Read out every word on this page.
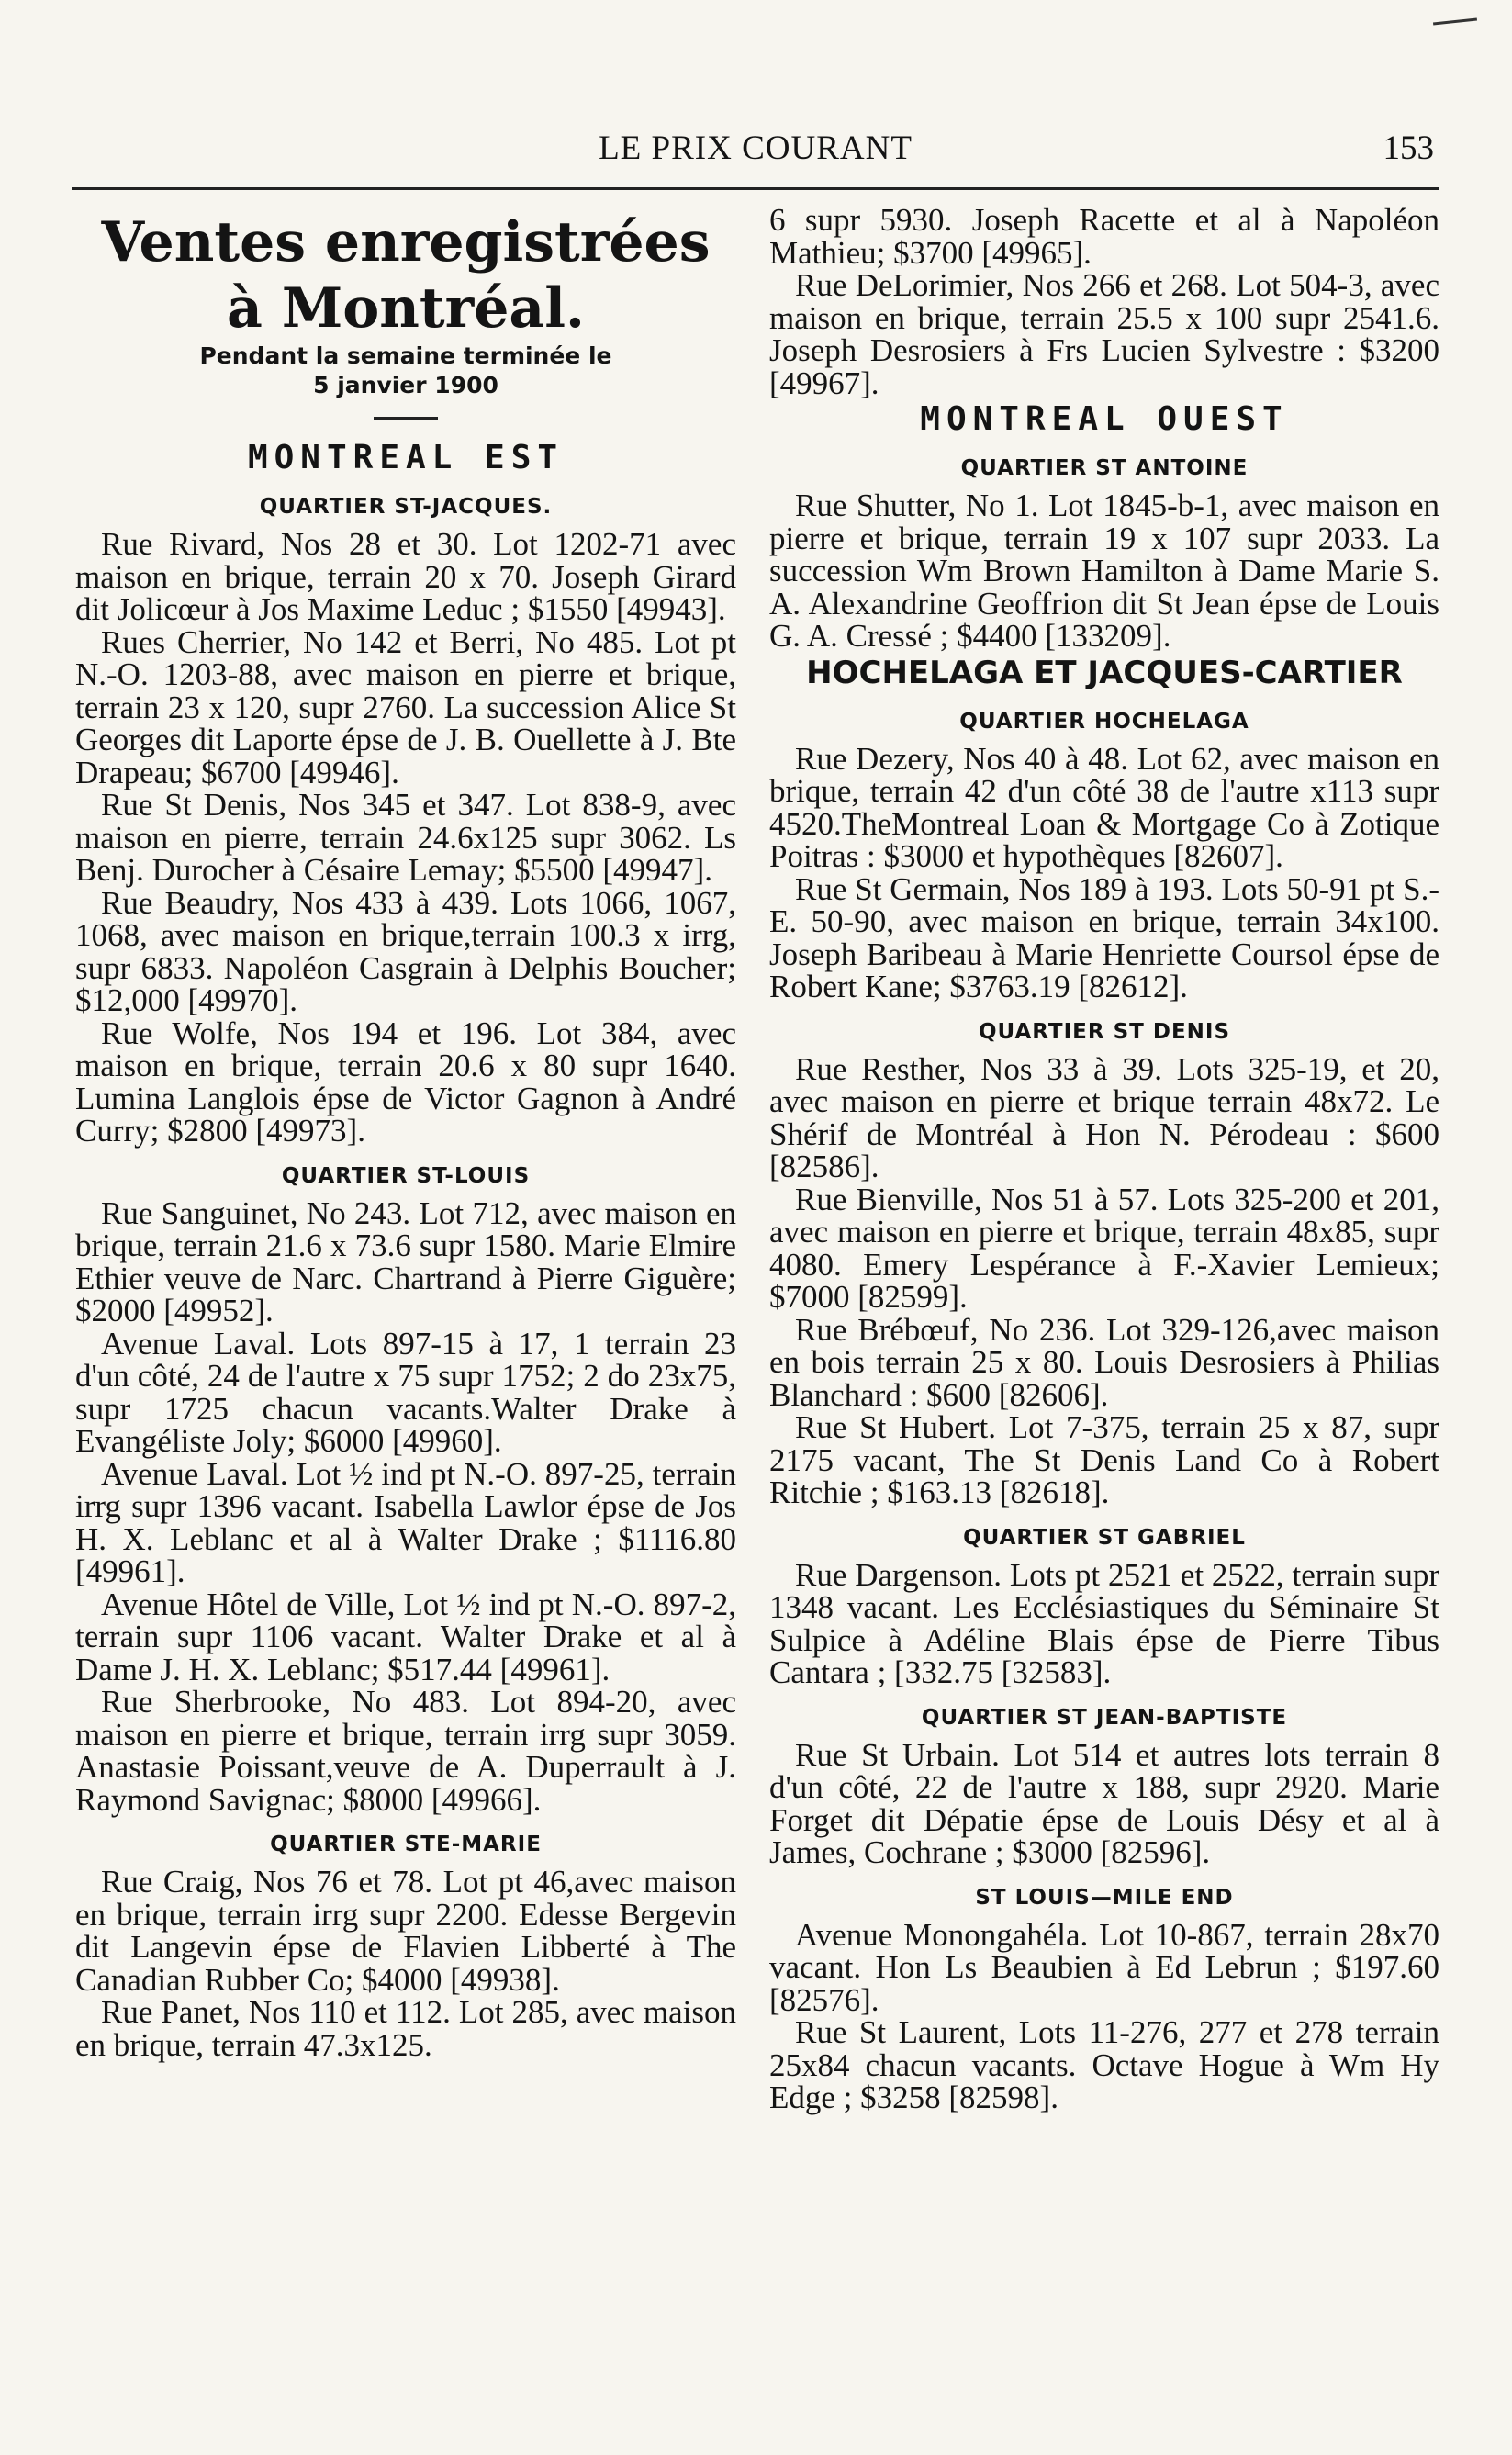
LE PRIX COURANT	153
Ventes enregistrées
à Montréal.
Pendant la semaine terminée le
5 janvier 1900
MONTREAL EST
QUARTIER ST-JACQUES.

Rue Rivard, Nos 28 et 30. Lot 1202-71 avec maison en brique, terrain 20 x 70. Joseph Girard dit Jolicœur à Jos Maxime Leduc ; $1550 [49943].

Rues Cherrier, No 142 et Berri, No 485. Lot pt N.-O. 1203-88, avec maison en pierre et brique, terrain 23 x 120, supr 2760. La succession Alice St Georges dit Laporte épse de J. B. Ouellette à J. Bte Drapeau; $6700 [49946].

Rue St Denis, Nos 345 et 347. Lot 838-9, avec maison en pierre, terrain 24.6x125 supr 3062. Ls Benj. Durocher à Césaire Lemay; $5500 [49947].

Rue Beaudry, Nos 433 à 439. Lots 1066, 1067, 1068, avec maison en brique,terrain 100.3 x irrg, supr 6833. Napoléon Casgrain à Delphis Boucher; $12,000 [49970].

Rue Wolfe, Nos 194 et 196. Lot 384, avec maison en brique, terrain 20.6 x 80 supr 1640. Lumina Langlois épse de Victor Gagnon à André Curry; $2800 [49973].

QUARTIER ST-LOUIS

Rue Sanguinet, No 243. Lot 712, avec maison en brique, terrain 21.6 x 73.6 supr 1580. Marie Elmire Ethier veuve de Narc. Chartrand à Pierre Giguère; $2000 [49952].

Avenue Laval. Lots 897-15 à 17, 1 terrain 23 d'un côté, 24 de l'autre x 75 supr 1752; 2 do 23x75, supr 1725 chacun vacants.Walter Drake à Evangéliste Joly; $6000 [49960].

Avenue Laval. Lot ½ ind pt N.-O. 897-25, terrain irrg supr 1396 vacant. Isabella Lawlor épse de Jos H. X. Leblanc et al à Walter Drake ; $1116.80 [49961].

Avenue Hôtel de Ville, Lot ½ ind pt N.-O. 897-2, terrain supr 1106 vacant. Walter Drake et al à Dame J. H. X. Leblanc; $517.44 [49961].

Rue Sherbrooke, No 483. Lot 894-20, avec maison en pierre et brique, terrain irrg supr 3059. Anastasie Poissant,veuve de A. Duperrault à J. Raymond Savignac; $8000 [49966].

QUARTIER STE-MARIE

Rue Craig, Nos 76 et 78. Lot pt 46,avec maison en brique, terrain irrg supr 2200. Edesse Bergevin dit Langevin épse de Flavien Libberté à The Canadian Rubber Co; $4000 [49938].

Rue Panet, Nos 110 et 112. Lot 285, avec maison en brique, terrain 47.3x125.

6 supr 5930. Joseph Racette et al à Napoléon Mathieu; $3700 [49965].

Rue DeLorimier, Nos 266 et 268. Lot 504-3, avec maison en brique, terrain 25.5 x 100 supr 2541.6. Joseph Desrosiers à Frs Lucien Sylvestre : $3200 [49967].

MONTREAL OUEST
QUARTIER ST ANTOINE

Rue Shutter, No 1. Lot 1845-b-1, avec maison en pierre et brique, terrain 19 x 107 supr 2033. La succession Wm Brown Hamilton à Dame Marie S. A. Alexandrine Geoffrion dit St Jean épse de Louis G. A. Cressé ; $4400 [133209].

HOCHELAGA ET JACQUES-CARTIER
QUARTIER HOCHELAGA

Rue Dezery, Nos 40 à 48. Lot 62, avec maison en brique, terrain 42 d'un côté 38 de l'autre x113 supr 4520.TheMontreal Loan & Mortgage Co à Zotique Poitras : $3000 et hypothèques [82607].

Rue St Germain, Nos 189 à 193. Lots 50-91 pt S.-E. 50-90, avec maison en brique, terrain 34x100. Joseph Baribeau à Marie Henriette Coursol épse de Robert Kane; $3763.19 [82612].

QUARTIER ST DENIS

Rue Resther, Nos 33 à 39. Lots 325-19, et 20, avec maison en pierre et brique terrain 48x72. Le Shérif de Montréal à Hon N. Pérodeau : $600 [82586].

Rue Bienville, Nos 51 à 57. Lots 325-200 et 201, avec maison en pierre et brique, terrain 48x85, supr 4080. Emery Lespérance à F.-Xavier Lemieux; $7000 [82599].

Rue Brébœuf, No 236. Lot 329-126,avec maison en bois terrain 25 x 80. Louis Desrosiers à Philias Blanchard : $600 [82606].

Rue St Hubert. Lot 7-375, terrain 25 x 87, supr 2175 vacant, The St Denis Land Co à Robert Ritchie ; $163.13 [82618].

QUARTIER ST GABRIEL

Rue Dargenson. Lots pt 2521 et 2522, terrain supr 1348 vacant. Les Ecclésiastiques du Séminaire St Sulpice à Adéline Blais épse de Pierre Tibus Cantara ; [332.75 [32583].

QUARTIER ST JEAN-BAPTISTE

Rue St Urbain. Lot 514 et autres lots terrain 8 d'un côté, 22 de l'autre x 188, supr 2920. Marie Forget dit Dépatie épse de Louis Désy et al à James, Cochrane ; $3000 [82596].

ST LOUIS—MILE END

Avenue Monongahéla. Lot 10-867, terrain 28x70 vacant. Hon Ls Beaubien à Ed Lebrun ; $197.60 [82576].

Rue St Laurent, Lots 11-276, 277 et 278 terrain 25x84 chacun vacants. Octave Hogue à Wm Hy Edge ; $3258 [82598].
